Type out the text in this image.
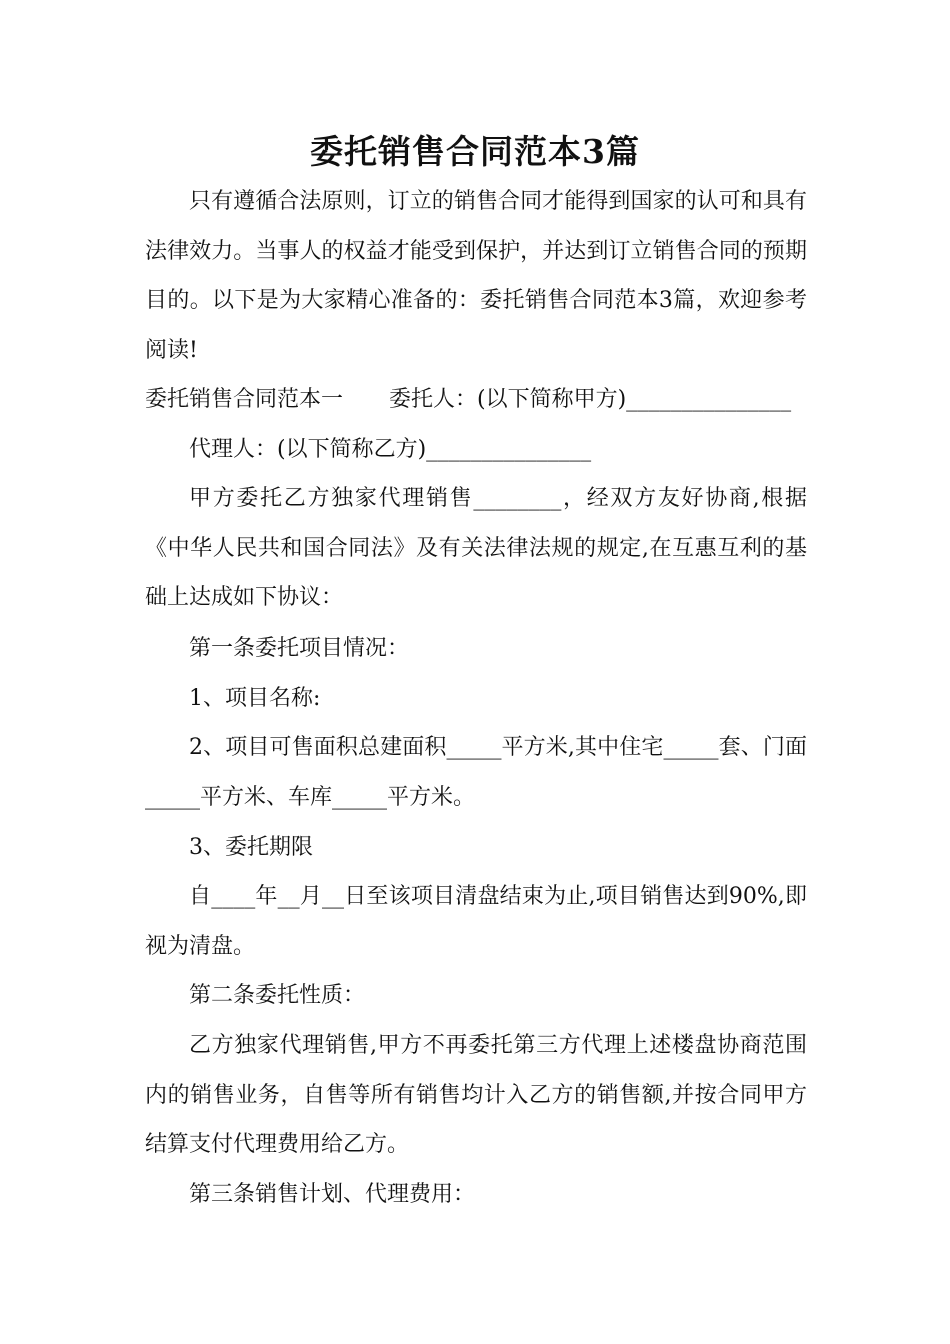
委托销售合同范本3篇
只有遵循合法原则，订立的销售合同才能得到国家的认可和具有法律效力。当事人的权益才能受到保护，并达到订立销售合同的预期目的。以下是为大家精心准备的：委托销售合同范本3篇，欢迎参考阅读!
委托销售合同范本一 委托人：(以下简称甲方)_______________
代理人：(以下简称乙方)_______________
甲方委托乙方独家代理销售________，经双方友好协商,根据《中华人民共和国合同法》及有关法律法规的规定,在互惠互利的基础上达成如下协议：
第一条委托项目情况：
1、项目名称:
2、项目可售面积总建面积_____平方米,其中住宅_____套、门面_____平方米、车库_____平方米。
3、委托期限
自____年__月__日至该项目清盘结束为止,项目销售达到90%,即视为清盘。
第二条委托性质：
乙方独家代理销售,甲方不再委托第三方代理上述楼盘协商范围内的销售业务，自售等所有销售均计入乙方的销售额,并按合同甲方结算支付代理费用给乙方。
第三条销售计划、代理费用：
